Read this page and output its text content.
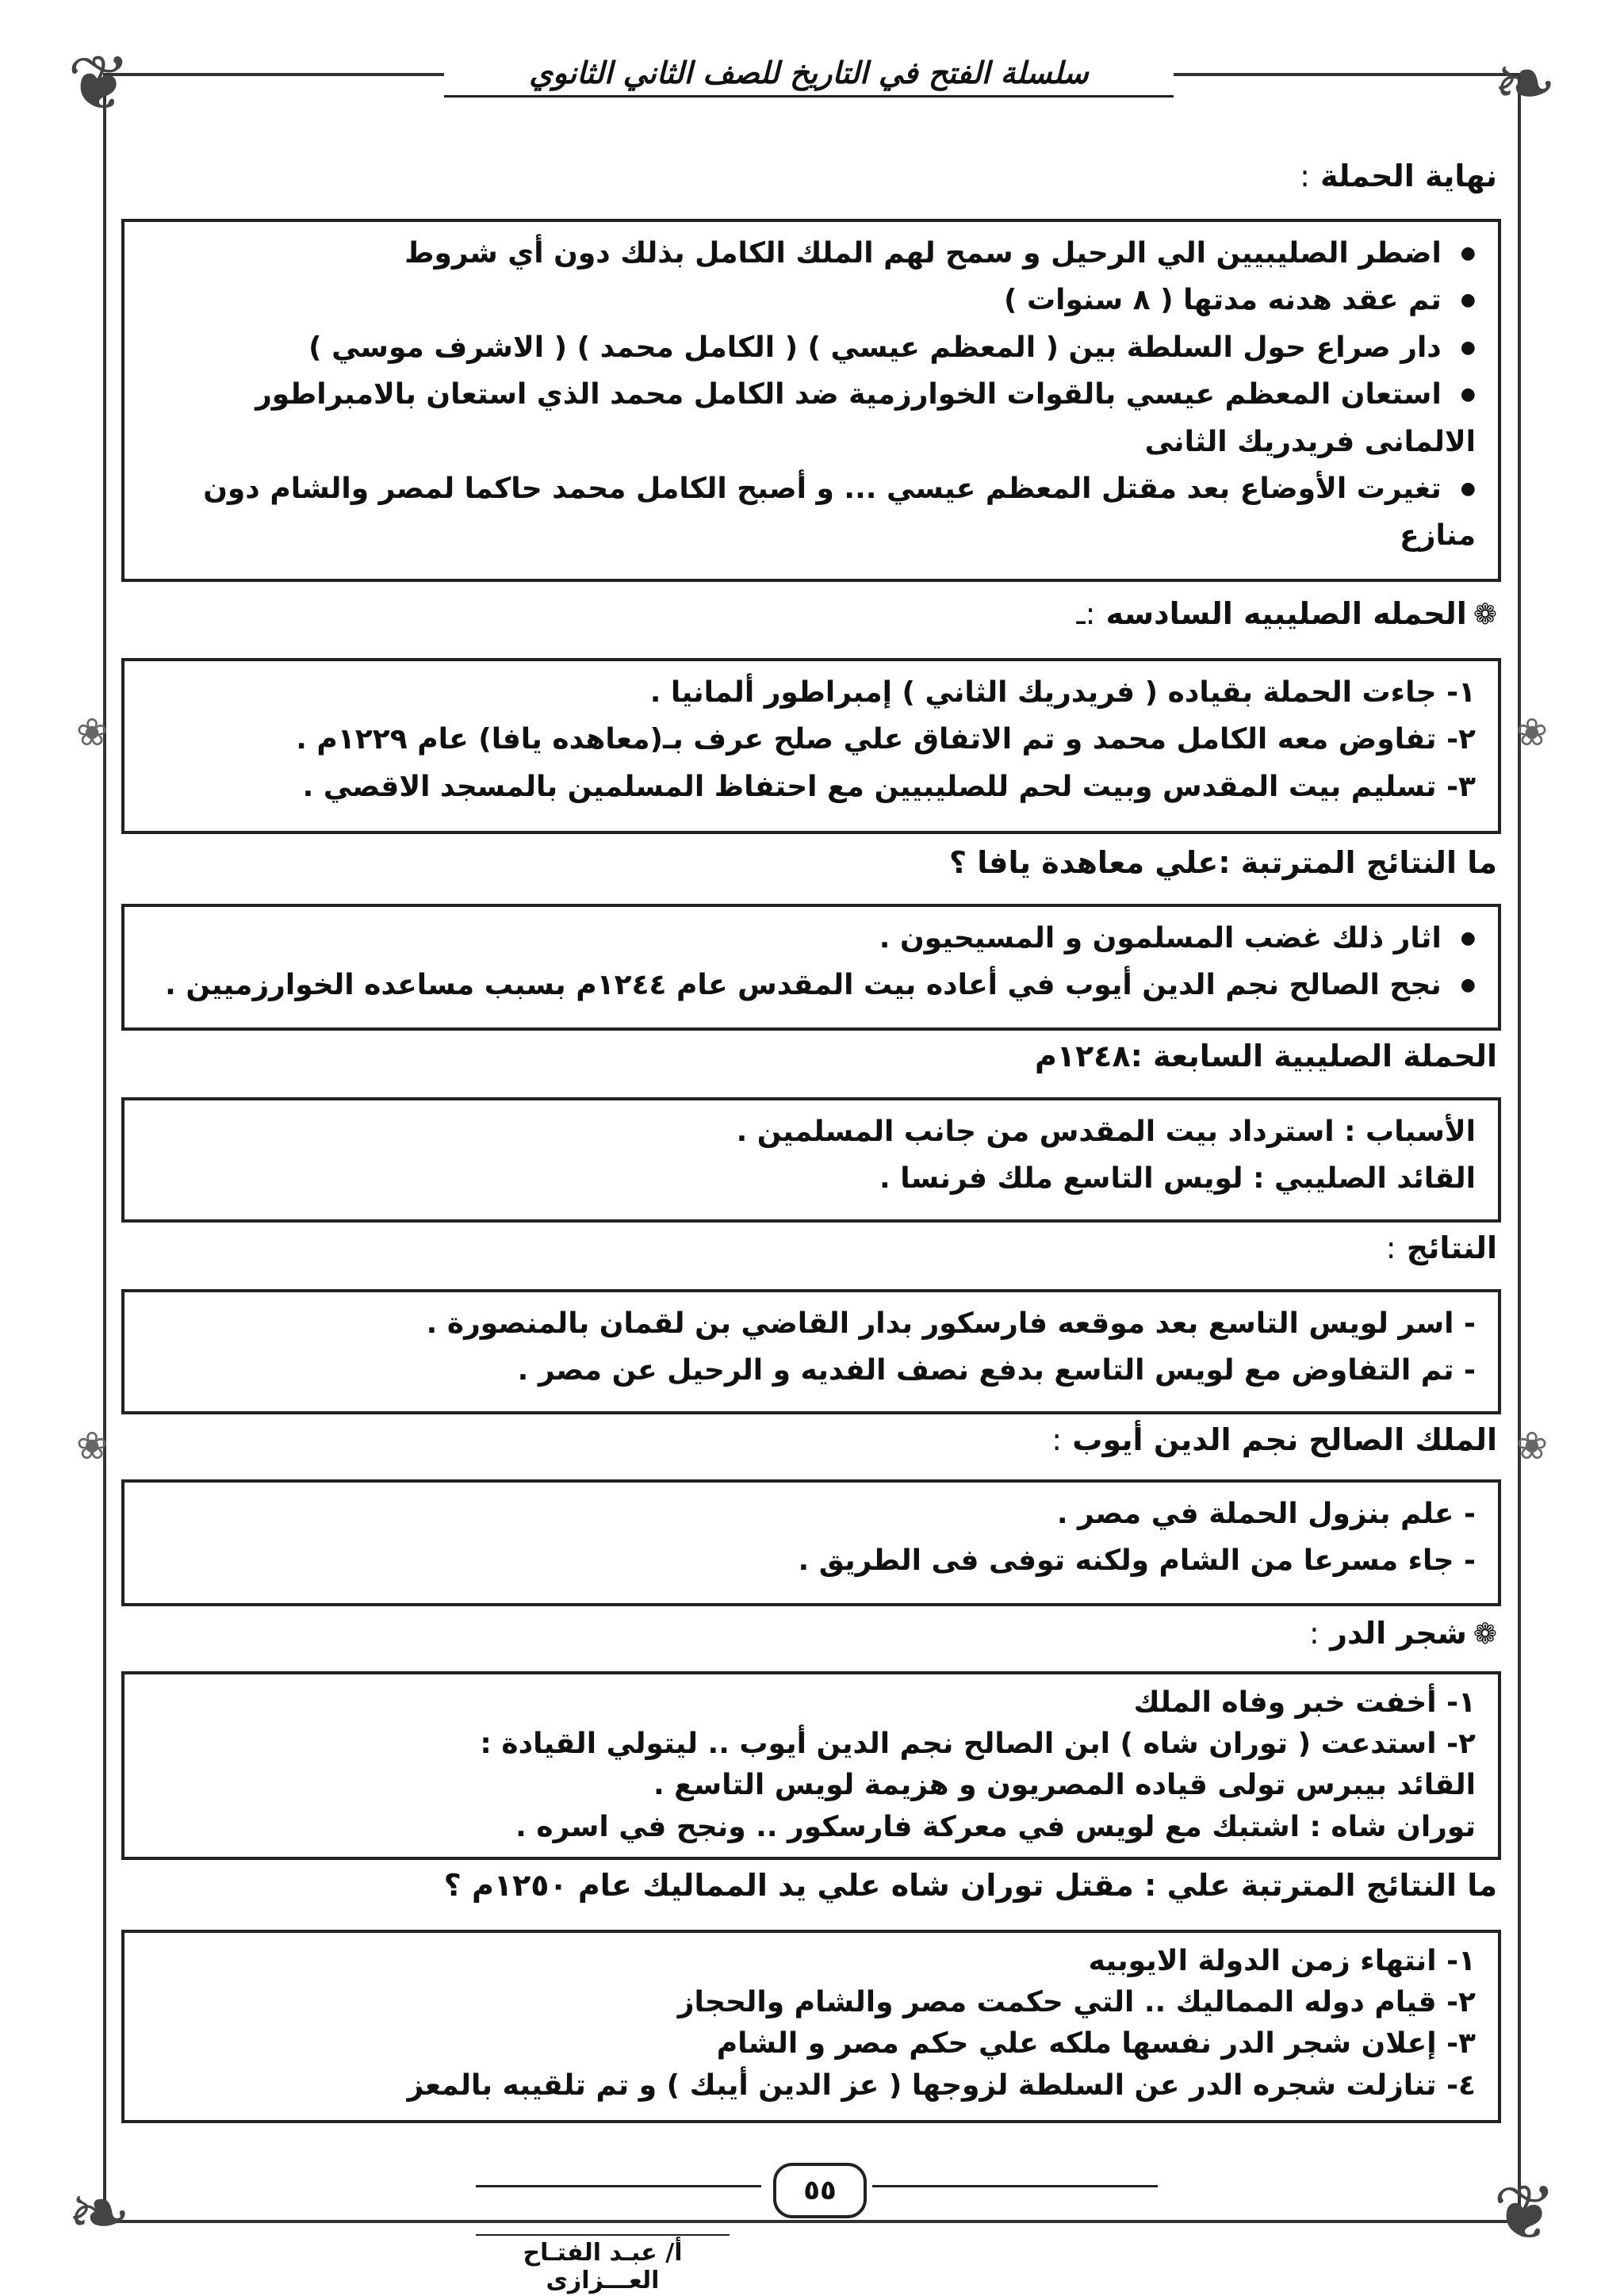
❦	❧
❧	❦
❀
❀
❀
❀
سلسلة الفتح في التاريخ للصف الثاني الثانوي
نهاية الحملة :

● اضطر الصليبيين الي الرحيل و سمح لهم الملك الكامل بذلك دون أي شروط

● تم عقد هدنه مدتها ( ٨ سنوات )

● دار صراع حول السلطة بين ( المعظم عيسي ) ( الكامل محمد ) ( الاشرف موسي )

● استعان المعظم عيسي بالقوات الخوارزمية ضد الكامل محمد الذي استعان بالامبراطور الالمانى فريدريك الثانى

● تغيرت الأوضاع بعد مقتل المعظم عيسي ... و أصبح الكامل محمد حاكما لمصر والشام دون منازع

❁الحمله الصليبيه السادسه :ـ

١- جاءت الحملة بقياده ( فريدريك الثاني ) إمبراطور ألمانيا .

٢- تفاوض معه الكامل محمد و تم الاتفاق علي صلح عرف بـ(معاهده يافا) عام ١٢٢٩م .

٣- تسليم بيت المقدس وبيت لحم للصليبيين مع احتفاظ المسلمين بالمسجد الاقصي .

ما النتائج المترتبة :علي معاهدة يافا ؟

● اثار ذلك غضب المسلمون و المسيحيون .

● نجح الصالح نجم الدين أيوب في أعاده بيت المقدس عام ١٢٤٤م بسبب مساعده الخوارزميين .

الحملة الصليبية السابعة :١٢٤٨م

الأسباب : استرداد بيت المقدس من جانب المسلمين .

القائد الصليبي : لويس التاسع ملك فرنسا .

النتائج :

- اسر لويس التاسع بعد موقعه فارسكور بدار القاضي بن لقمان بالمنصورة .

- تم التفاوض مع لويس التاسع بدفع نصف الفديه و الرحيل عن مصر .

الملك الصالح نجم الدين أيوب :

- علم بنزول الحملة في مصر .

- جاء مسرعا من الشام ولكنه توفى فى الطريق .

❁شجر الدر :

١- أخفت خبر وفاه الملك

٢- استدعت ( توران شاه ) ابن الصالح نجم الدين أيوب .. ليتولي القيادة :

القائد بيبرس تولى قياده المصريون و هزيمة لويس التاسع .

توران شاه : اشتبك مع لويس في معركة فارسكور .. ونجح في اسره .

ما النتائج المترتبة علي : مقتل توران شاه علي يد المماليك عام ١٢٥٠م ؟

١- انتهاء زمن الدولة الايوبيه

٢- قيام دوله المماليك .. التي حكمت مصر والشام والحجاز

٣- إعلان شجر الدر نفسها ملكه علي حكم مصر و الشام

٤- تنازلت شجره الدر عن السلطة لزوجها ( عز الدين أيبك ) و تم تلقيبه بالمعز

٥٥
أ/ عبـد الفتـاح العـــزازى
